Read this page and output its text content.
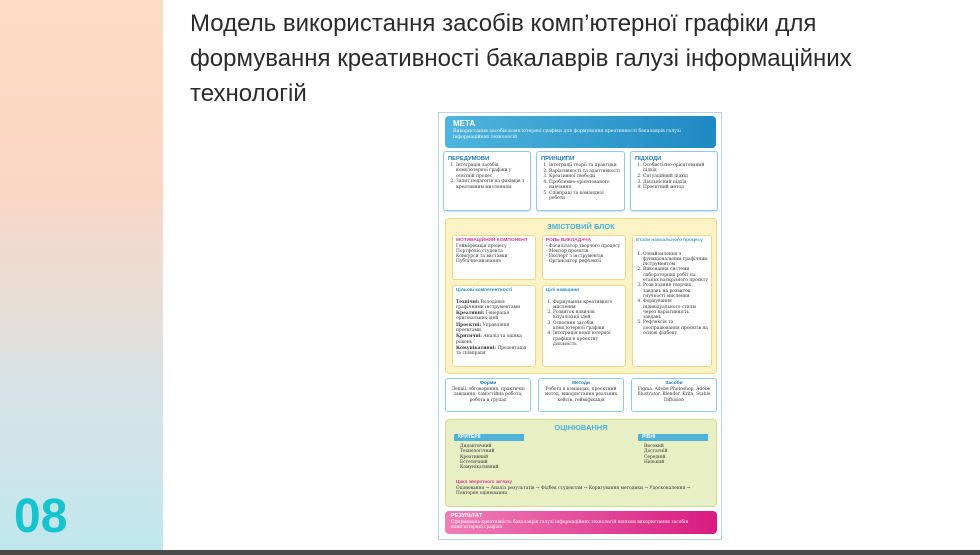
08
Модель використання засобів комп’ютерної графіки для формування креативності бакалаврів галузі інформаційних технологій
МЕТА
Використання засобів комп’ютерної графіки для формування креативності бакалаврів галузі інформаційних технологій
ПЕРЕДУМОВИ
1. Інтеграція засобів комп’ютерної графіки у освітній процес
2. Запит педагогів на фахівців з креативним мисленням
ПРИНЦИПИ
1. Інтеграції теорії та практики
2. Варіативності та адаптивності
3. Креативної свободи
4. Проблемно-орієнтованого навчання
5. Співпраці та командної роботи
ПІДХОДИ
1. Особистісно-орієнтований підхід
2. Ситуаційний підхід
3. Діяльнісний підхід
4. Проєктний метод
ЗМІСТОВИЙ БЛОК
МОТИВАЦІЙНИЙ КОМПОНЕНТ
Гейміфікація процесу
Портфоліо студента
Конкурси та виставки
Публічне визнання
РОЛЬ ВИКЛАДАЧА
- Фасилітатор творчого процесу
- Ментор проєктів
- Експерт з інструментів
- Організатор рефлексії
Етапи навчального процесу
1. Ознайомлення з функціональним графічним інструментом
2. Виконання системи лабораторних робіт на етапах наскрізного проєкту
3. Розв’язання творчих завдань на розвиток гнучкості мислення
4. Формування індивідуального стилю через варіативність завдань
5. Рефлексія та доопрацювання проєктів на основі фідбеку
Цільові компетентності
Технічні: Володіння графічними інструментами
Креативні: Генерація оригінальних ідей
Проєктні: Управління проєктами
Критичні: Аналіз та оцінка рішень
Комунікативні: Презентація та співпраця
Цілі навчання
1. Формування креативного мислення
2. Розвиток навичок візуалізації ідей
3. Освоєння засобів комп’ютерної графіки
4. Інтеграція комп’ютерної графіки в проєктну діяльність
Форми
Лекції, обговорення, практичні завдання, самостійна робота, робота в групах
Методи
Робота в командах, проєктний метод, використання реальних кейсів, гейміфікація
Засоби
Figma, Adobe Photoshop, Adobe Illustrator, Blender, Krita, Stable Diffusion
ОЦІНЮВАННЯ
КРИТЕРІЇ
Дидактичний
Технологічний
Креативний
Естетичний
Комунікативний
РІВНІ
Високий
Достатній
Середній
Низький
Цикл зворотного зв’язку
Оцінювання → Аналіз результатів → Фідбек студентам → Коригування методики → Удосконалення → Повторне оцінювання
РЕЗУЛЬТАТ
Сформована креативність бакалаврів галузі інформаційних технологій шляхом використання засобів комп’ютерної графіки
